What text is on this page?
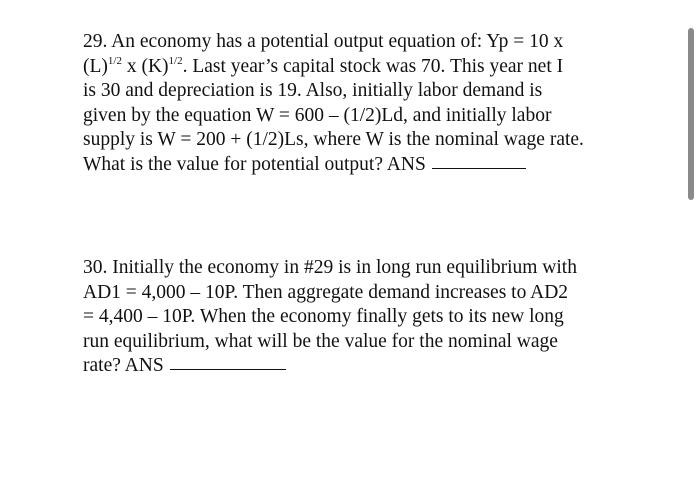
29. An economy has a potential output equation of: Yp = 10 x
$(L)^{1/2}$ x $(K)^{1/2}$. Last year’s capital stock was 70. This year net I
is 30 and depreciation is 19. Also, initially labor demand is
given by the equation W = 600 – (1/2)Ld, and initially labor
supply is W = 200 + (1/2)Ls, where W is the nominal wage rate.
What is the value for potential output? ANS
30. Initially the economy in #29 is in long run equilibrium with
AD1 = 4,000 – 10P. Then aggregate demand increases to AD2
= 4,400 – 10P. When the economy finally gets to its new long
run equilibrium, what will be the value for the nominal wage
rate? ANS
